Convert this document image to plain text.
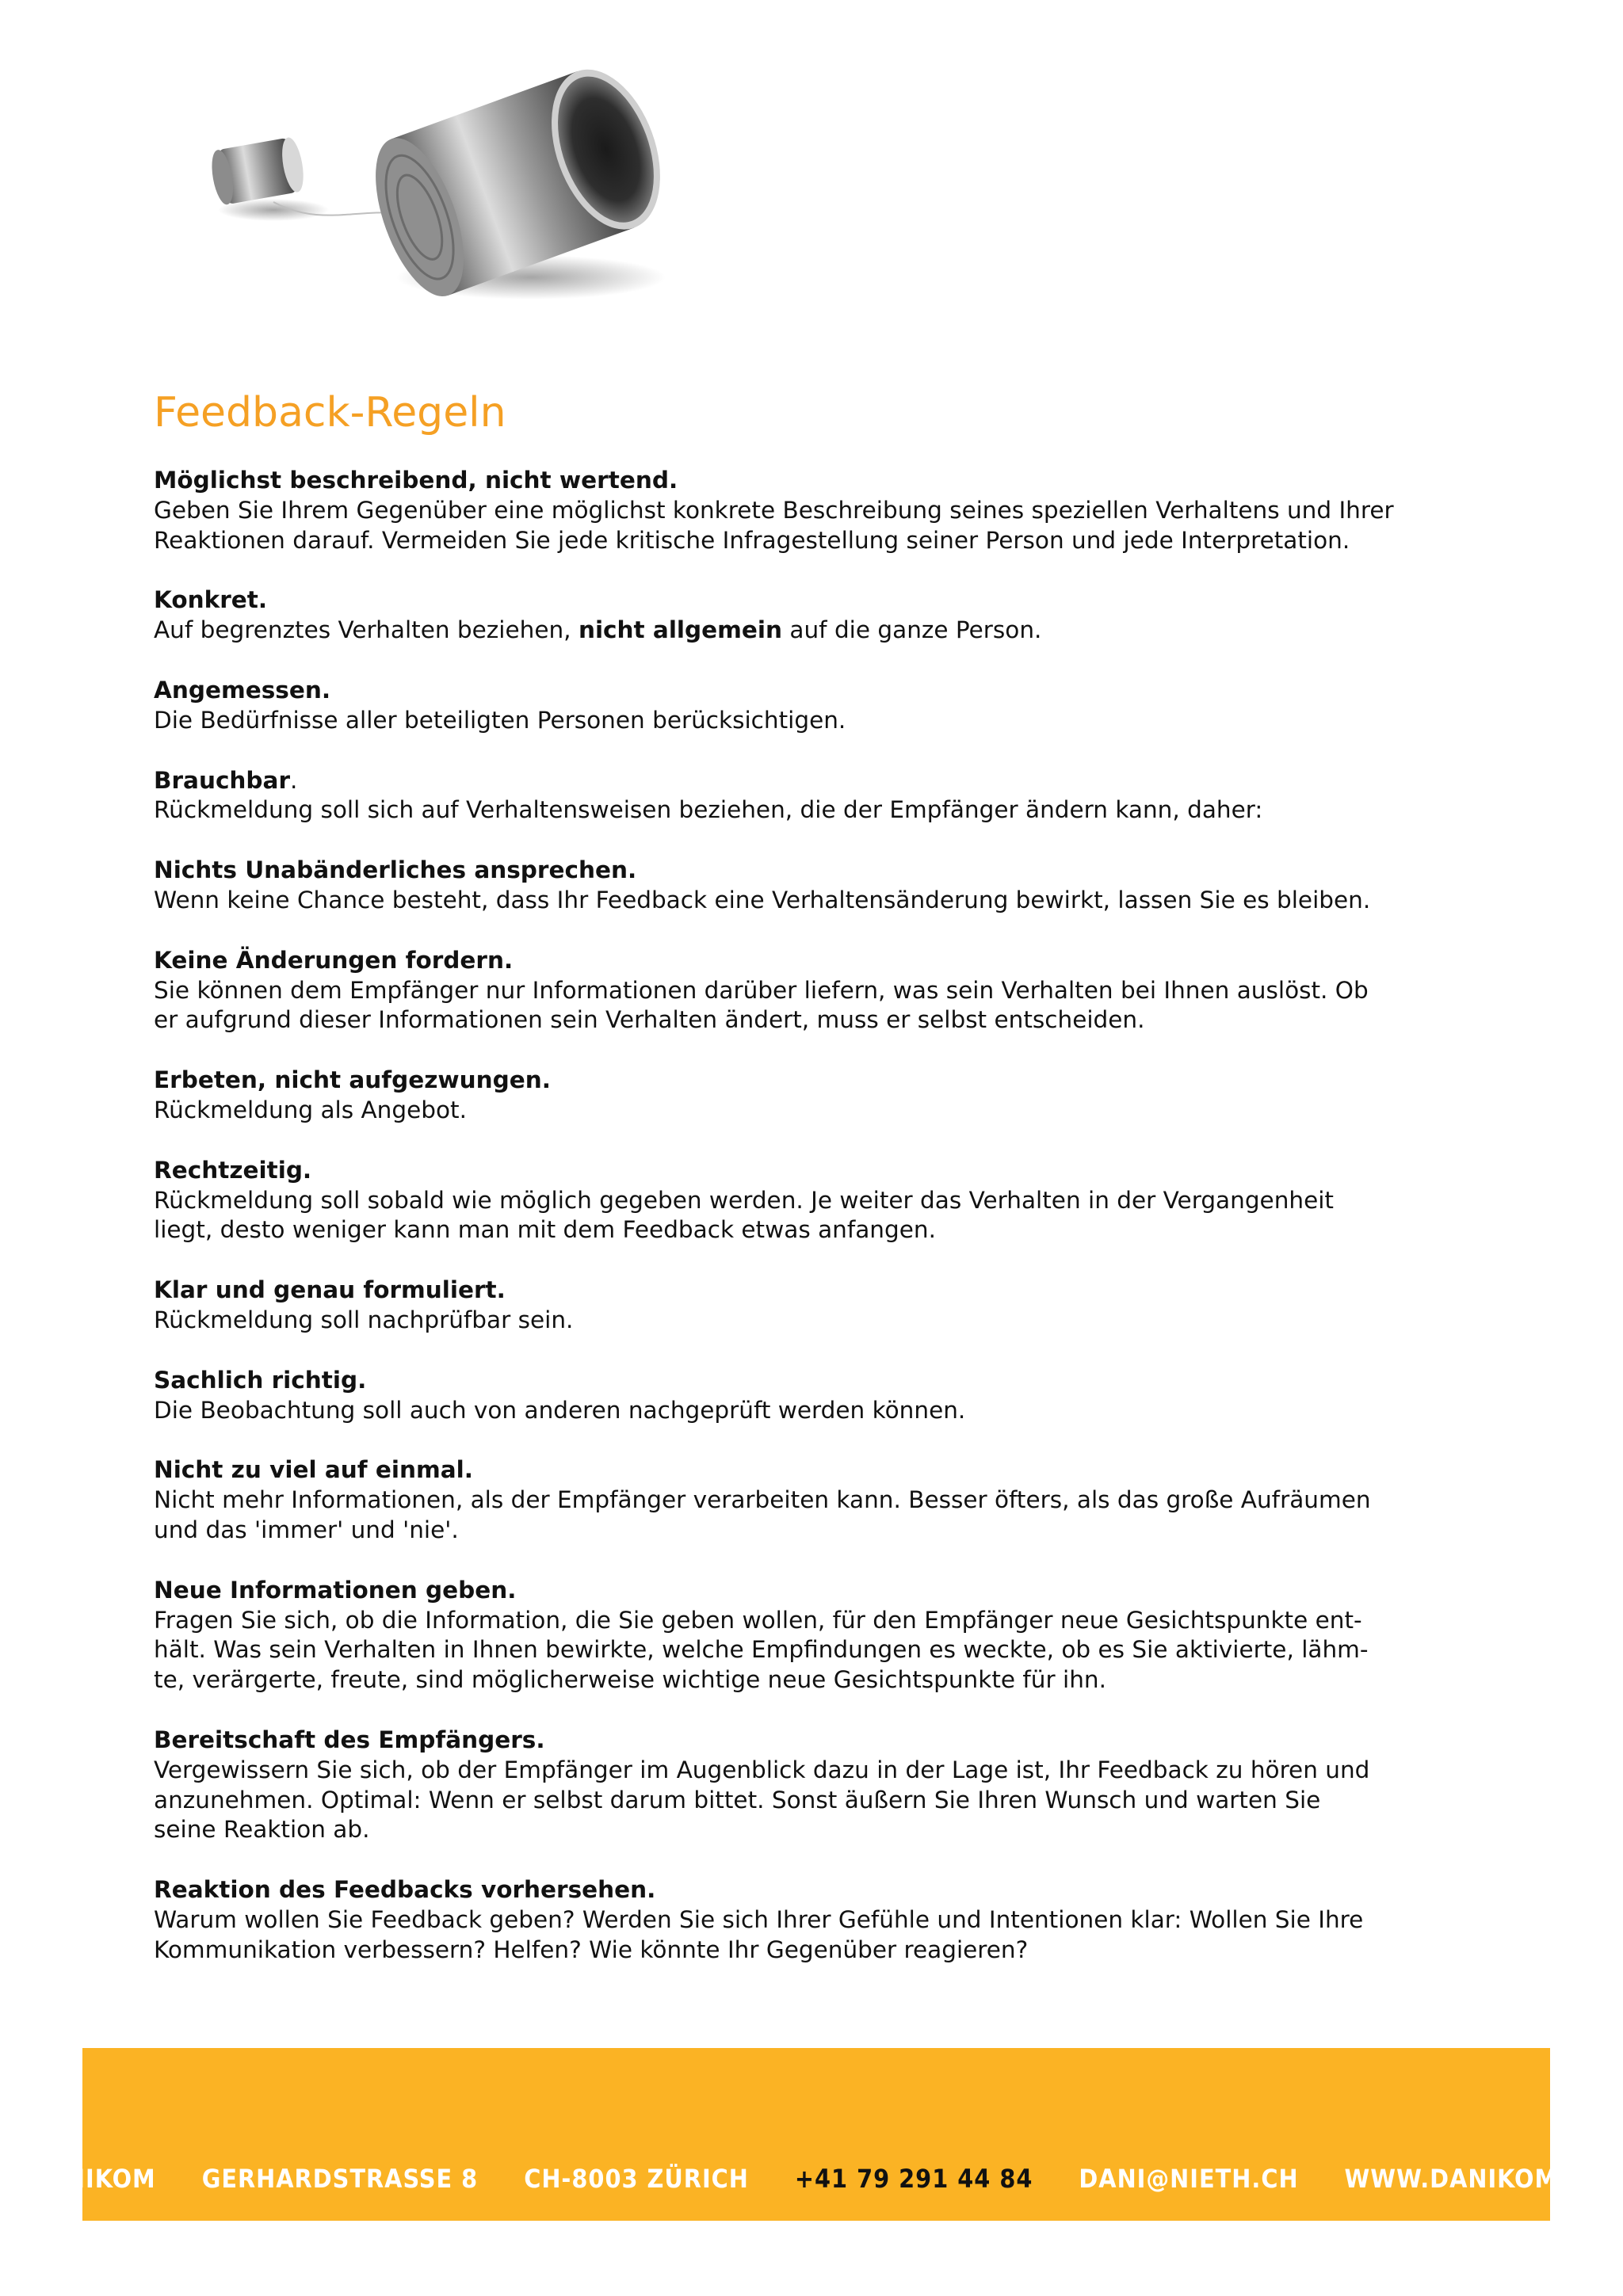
Feedback-Regeln

Möglichst beschreibend, nicht wertend.

Geben Sie Ihrem Gegenüber eine möglichst konkrete Beschreibung seines speziellen Verhaltens und Ihrer

Reaktionen darauf. Vermeiden Sie jede kritische Infragestellung seiner Person und jede Interpretation.

Konkret.

Auf begrenztes Verhalten beziehen, nicht allgemein auf die ganze Person.

Angemessen.

Die Bedürfnisse aller beteiligten Personen berücksichtigen.

Brauchbar.

Rückmeldung soll sich auf Verhaltensweisen beziehen, die der Empfänger ändern kann, daher:

Nichts Unabänderliches ansprechen.

Wenn keine Chance besteht, dass Ihr Feedback eine Verhaltensänderung bewirkt, lassen Sie es bleiben.

Keine Änderungen fordern.

Sie können dem Empfänger nur Informationen darüber liefern, was sein Verhalten bei Ihnen auslöst. Ob

er aufgrund dieser Informationen sein Verhalten ändert, muss er selbst entscheiden.

Erbeten, nicht aufgezwungen.

Rückmeldung als Angebot.

Rechtzeitig.

Rückmeldung soll sobald wie möglich gegeben werden. Je weiter das Verhalten in der Vergangenheit

liegt, desto weniger kann man mit dem Feedback etwas anfangen.

Klar und genau formuliert.

Rückmeldung soll nachprüfbar sein.

Sachlich richtig.

Die Beobachtung soll auch von anderen nachgeprüft werden können.

Nicht zu viel auf einmal.

Nicht mehr Informationen, als der Empfänger verarbeiten kann. Besser öfters, als das große Aufräumen

und das 'immer' und 'nie'.

Neue Informationen geben.

Fragen Sie sich, ob die Information, die Sie geben wollen, für den Empfänger neue Gesichtspunkte ent-

hält. Was sein Verhalten in Ihnen bewirkte, welche Empfindungen es weckte, ob es Sie aktivierte, lähm-

te, verärgerte, freute, sind möglicherweise wichtige neue Gesichtspunkte für ihn.

Bereitschaft des Empfängers.

Vergewissern Sie sich, ob der Empfänger im Augenblick dazu in der Lage ist, Ihr Feedback zu hören und

anzunehmen. Optimal: Wenn er selbst darum bittet. Sonst äußern Sie Ihren Wunsch und warten Sie

seine Reaktion ab.

Reaktion des Feedbacks vorhersehen.

Warum wollen Sie Feedback geben? Werden Sie sich Ihrer Gefühle und Intentionen klar: Wollen Sie Ihre

Kommunikation verbessern? Helfen? Wie könnte Ihr Gegenüber reagieren?

DANIKOM GERHARDSTRASSE 8 CH-8003 ZÜRICH +41 79 291 44 84 DANI@NIETH.CH WWW.DANIKOM.CH
